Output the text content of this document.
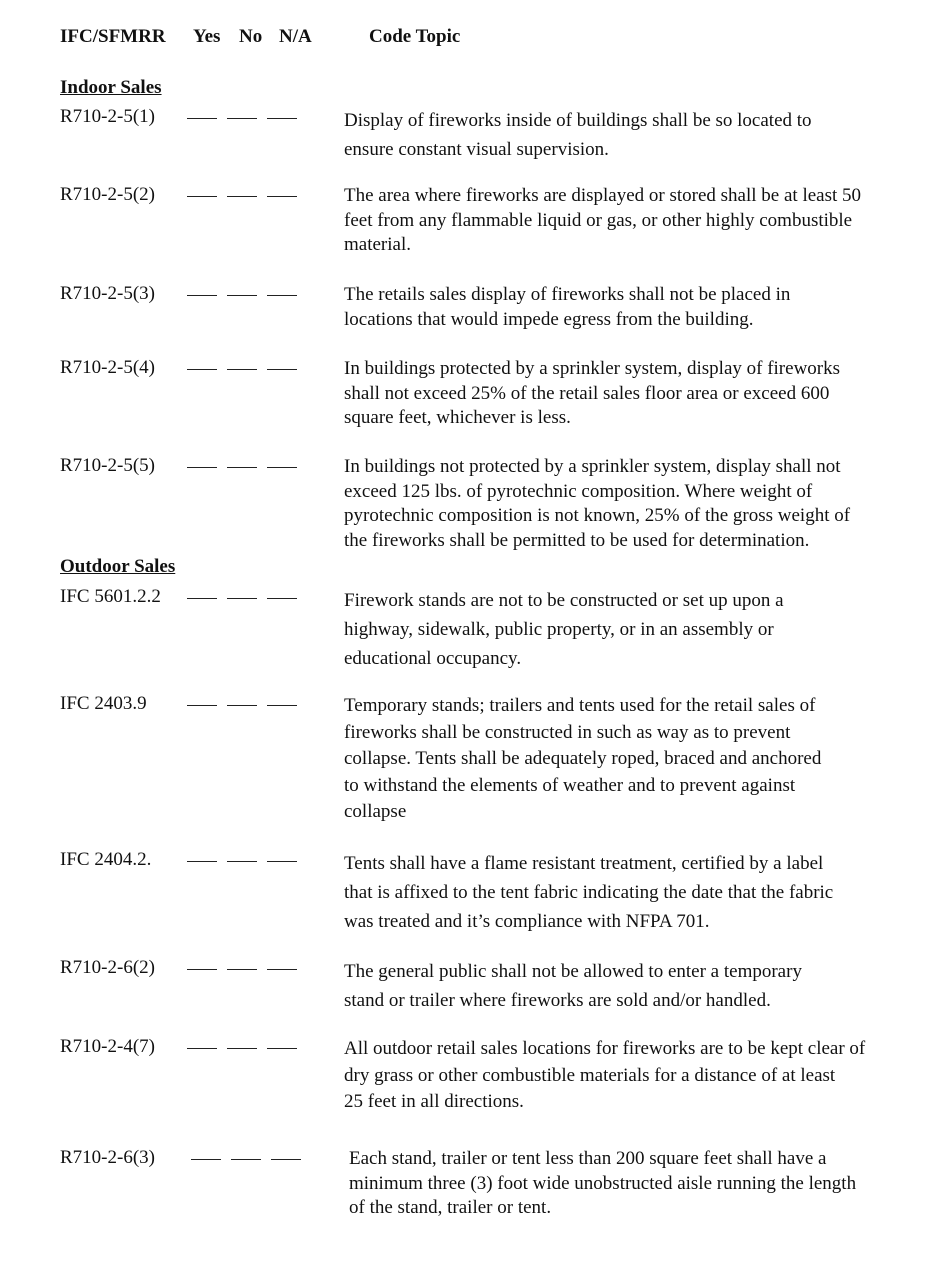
IFC/SFMRR Yes No N/A	Code Topic
Indoor Sales
R710-2-5(1)	Display of fireworks inside of buildings shall be so located to
ensure constant visual supervision.
R710-2-5(2)	The area where fireworks are displayed or stored shall be at least 50
feet from any flammable liquid or gas, or other highly combustible
material.
R710-2-5(3)	The retails sales display of fireworks shall not be placed in
locations that would impede egress from the building.
R710-2-5(4)	In buildings protected by a sprinkler system, display of fireworks
shall not exceed 25% of the retail sales floor area or exceed 600
square feet, whichever is less.
R710-2-5(5)	In buildings not protected by a sprinkler system, display shall not
exceed 125 lbs. of pyrotechnic composition. Where weight of
pyrotechnic composition is not known, 25% of the gross weight of
the fireworks shall be permitted to be used for determination.
Outdoor Sales
IFC 5601.2.2	Firework stands are not to be constructed or set up upon a
highway, sidewalk, public property, or in an assembly or
educational occupancy.
IFC 2403.9	Temporary stands; trailers and tents used for the retail sales of
fireworks shall be constructed in such as way as to prevent
collapse. Tents shall be adequately roped, braced and anchored
to withstand the elements of weather and to prevent against
collapse
IFC 2404.2.	Tents shall have a flame resistant treatment, certified by a label
that is affixed to the tent fabric indicating the date that the fabric
was treated and it’s compliance with NFPA 701.
R710-2-6(2)	The general public shall not be allowed to enter a temporary
stand or trailer where fireworks are sold and/or handled.
R710-2-4(7)	All outdoor retail sales locations for fireworks are to be kept clear of
dry grass or other combustible materials for a distance of at least
25 feet in all directions.
R710-2-6(3)	Each stand, trailer or tent less than 200 square feet shall have a
minimum three (3) foot wide unobstructed aisle running the length
of the stand, trailer or tent.
